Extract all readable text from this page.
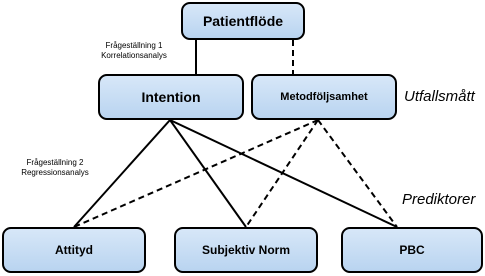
Patientflöde
Intention	Metodföljsamhet
Attityd	Subjektiv Norm	PBC
Frågeställning 1
Korrelationsanalys
Frågeställning 2
Regressionsanalys
Utfallsmått
Prediktorer
